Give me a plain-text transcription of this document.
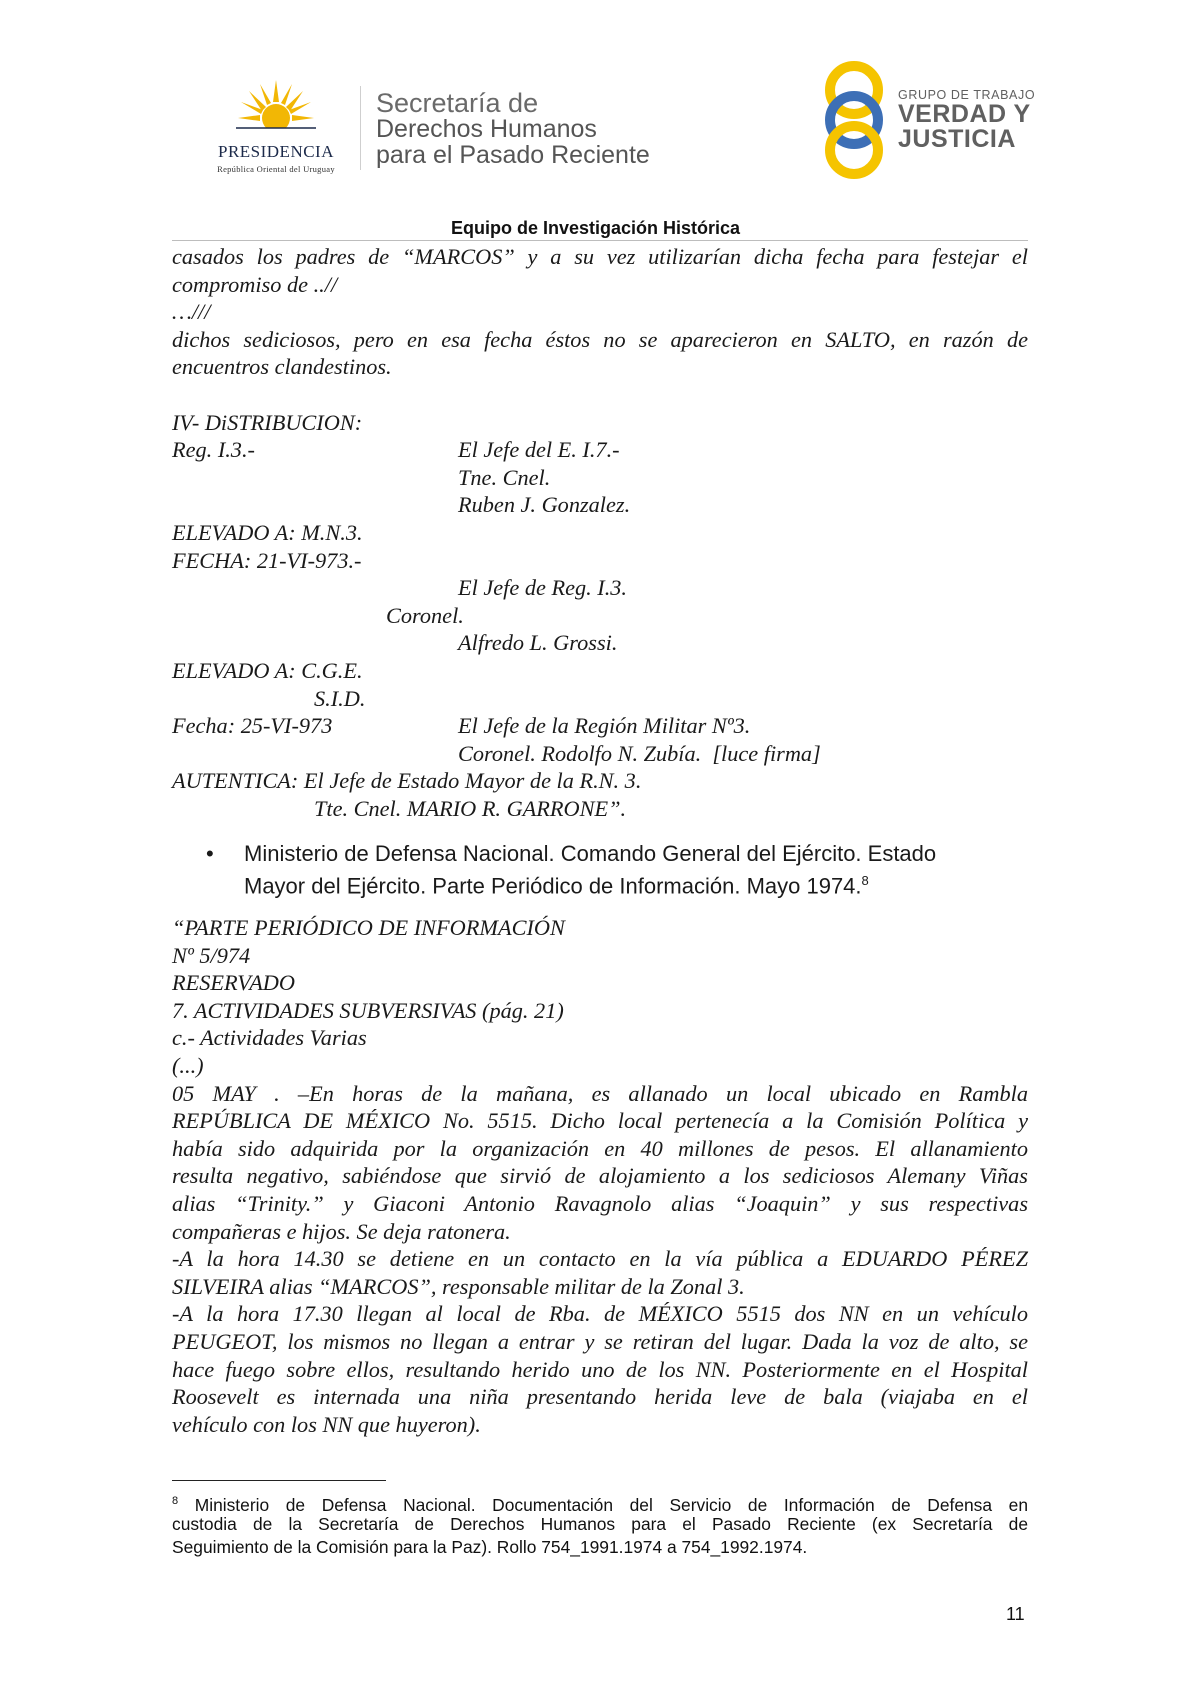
PRESIDENCIA
República Oriental del Uruguay
Secretaría de
Derechos Humanos
para el Pasado Reciente
GRUPO DE TRABAJO
VERDAD Y
JUSTICIA
Equipo de Investigación Histórica
casados los padres de “MARCOS” y a su vez utilizarían dicha fecha para festejar el
compromiso de ..//
…///
dichos sediciosos, pero en esa fecha éstos no se aparecieron en SALTO, en razón de
encuentros clandestinos.
IV- DiSTRIBUCION:
Reg. I.3.-	El Jefe del E. I.7.-
Tne. Cnel.
Ruben J. Gonzalez.
ELEVADO A: M.N.3.
FECHA: 21-VI-973.-
El Jefe de Reg. I.3.
Coronel.
Alfredo L. Grossi.
ELEVADO A: C.G.E.
S.I.D.
Fecha: 25-VI-973	El Jefe de la Región Militar Nº3.
Coronel. Rodolfo N. Zubía.  [luce firma]
AUTENTICA: El Jefe de Estado Mayor de la R.N. 3.
Tte. Cnel. MARIO R. GARRONE”.
• Ministerio de Defensa Nacional. Comando General del Ejército. Estado
Mayor del Ejército. Parte Periódico de Información. Mayo 1974.$^8$
“PARTE PERIÓDICO DE INFORMACIÓN
Nº 5/974
RESERVADO
7. ACTIVIDADES SUBVERSIVAS (pág. 21)
c.- Actividades Varias
(...)
05 MAY . –En horas de la mañana, es allanado un local ubicado en Rambla
REPÚBLICA DE MÉXICO No. 5515. Dicho local pertenecía a la Comisión Política y
había sido adquirida por la organización en 40 millones de pesos. El allanamiento
resulta negativo, sabiéndose que sirvió de alojamiento a los sediciosos Alemany Viñas
alias “Trinity.” y Giaconi Antonio Ravagnolo alias “Joaquin” y sus respectivas
compañeras e hijos. Se deja ratonera.
-A la hora 14.30 se detiene en un contacto en la vía pública a EDUARDO PÉREZ
SILVEIRA alias “MARCOS”, responsable militar de la Zonal 3.
-A la hora 17.30 llegan al local de Rba. de MÉXICO 5515 dos NN en un vehículo
PEUGEOT, los mismos no llegan a entrar y se retiran del lugar. Dada la voz de alto, se
hace fuego sobre ellos, resultando herido uno de los NN. Posteriormente en el Hospital
Roosevelt es internada una niña presentando herida leve de bala (viajaba en el
vehículo con los NN que huyeron).
$^8$ Ministerio de Defensa Nacional. Documentación del Servicio de Información de Defensa en
custodia de la Secretaría de Derechos Humanos para el Pasado Reciente (ex Secretaría de
Seguimiento de la Comisión para la Paz). Rollo 754_1991.1974 a 754_1992.1974.
11
